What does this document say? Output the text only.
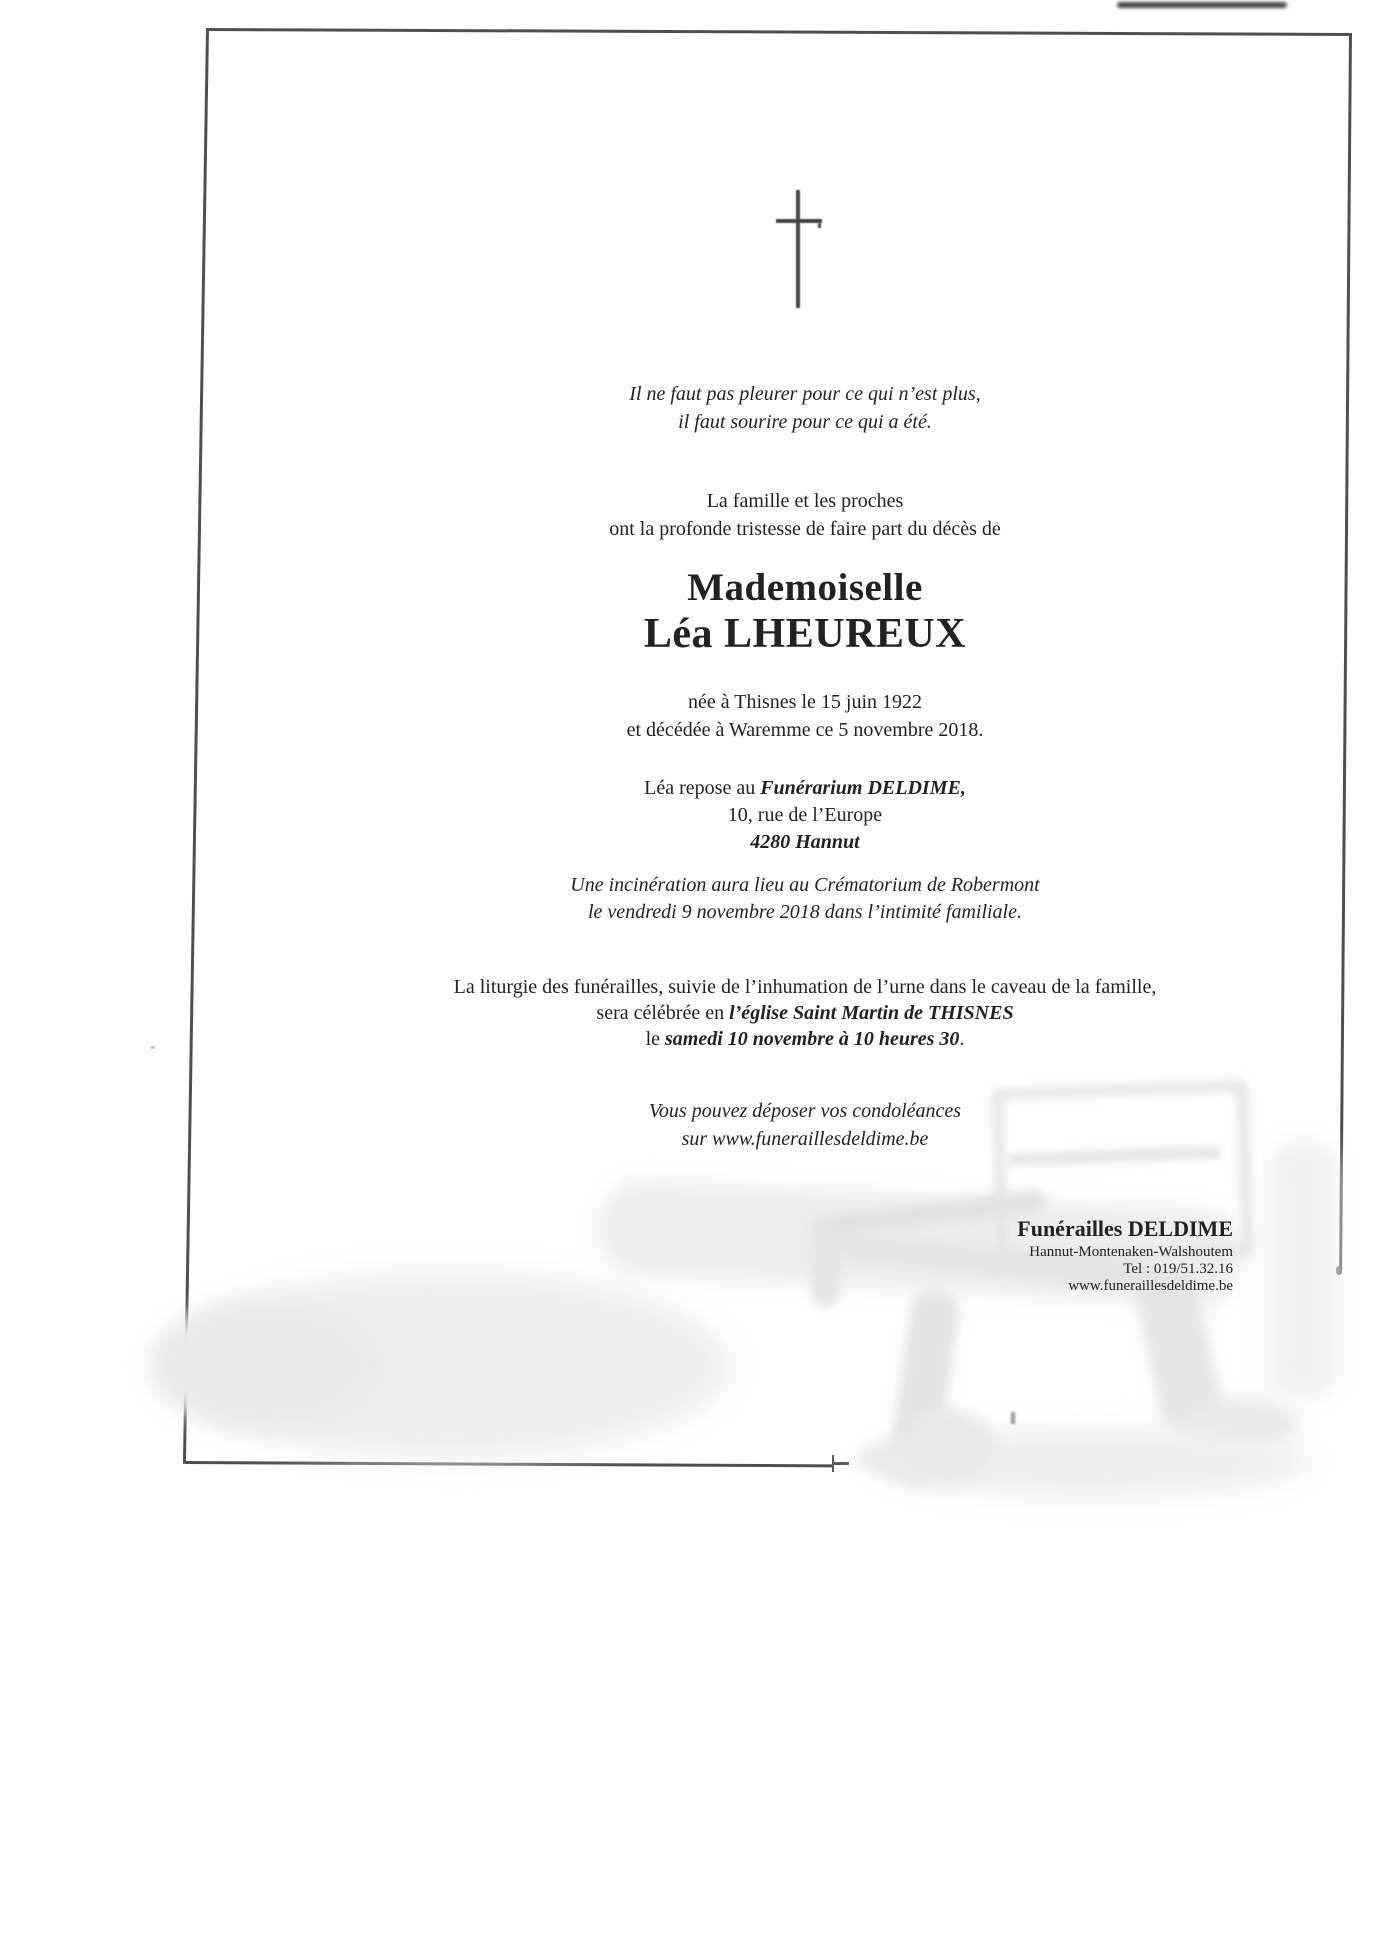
Il ne faut pas pleurer pour ce qui n’est plus,
il faut sourire pour ce qui a été.
La famille et les proches
ont la profonde tristesse de faire part du décès de
Mademoiselle
Léa LHEUREUX
née à Thisnes le 15 juin 1922
et décédée à Waremme ce 5 novembre 2018.
Léa repose au Funérarium DELDIME,
10, rue de l’Europe
4280 Hannut
Une incinération aura lieu au Crématorium de Robermont
le vendredi 9 novembre 2018 dans l’intimité familiale.
La liturgie des funérailles, suivie de l’inhumation de l’urne dans le caveau de la famille,
sera célébrée en l’église Saint Martin de THISNES
le samedi 10 novembre à 10 heures 30.
Vous pouvez déposer vos condoléances
sur www.funeraillesdeldime.be
Funérailles DELDIME
Hannut-Montenaken-Walshoutem
Tel : 019/51.32.16
www.funeraillesdeldime.be
